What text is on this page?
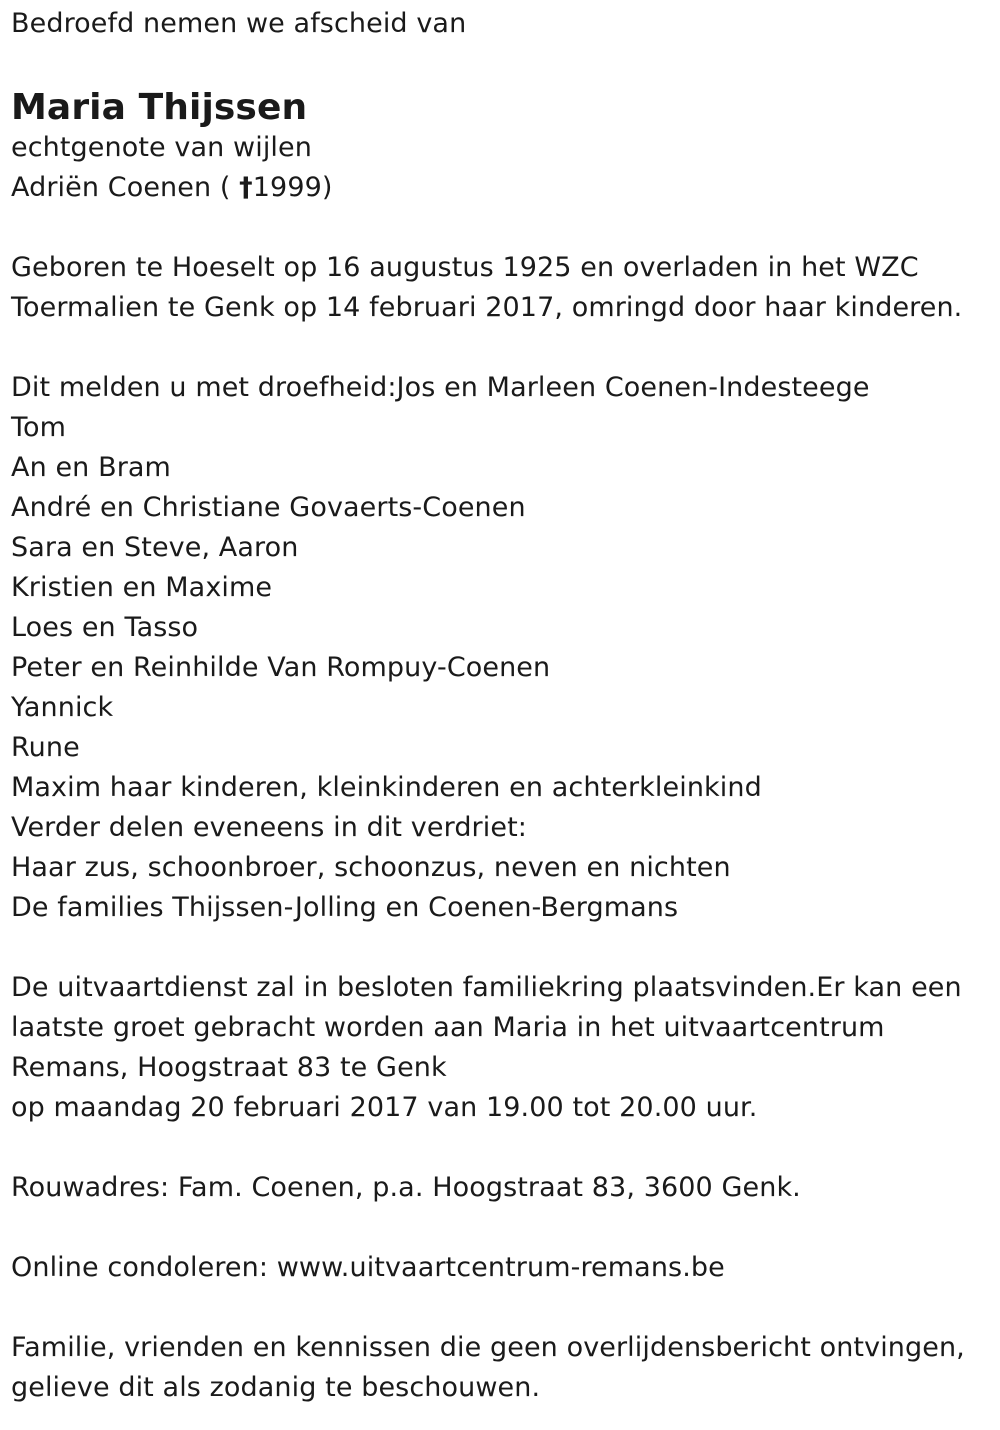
Bedroefd nemen we afscheid van
Maria Thijssen
echtgenote van wijlen
Adriën Coenen ( †1999)
Geboren te Hoeselt op 16 augustus 1925 en overladen in het WZC
Toermalien te Genk op 14 februari 2017, omringd door haar kinderen.
Dit melden u met droefheid:Jos en Marleen Coenen-Indesteege
Tom
An en Bram
André en Christiane Govaerts-Coenen
Sara en Steve, Aaron
Kristien en Maxime
Loes en Tasso
Peter en Reinhilde Van Rompuy-Coenen
Yannick
Rune
Maxim haar kinderen, kleinkinderen en achterkleinkind
Verder delen eveneens in dit verdriet:
Haar zus, schoonbroer, schoonzus, neven en nichten
De families Thijssen-Jolling en Coenen-Bergmans
De uitvaartdienst zal in besloten familiekring plaatsvinden.Er kan een
laatste groet gebracht worden aan Maria in het uitvaartcentrum
Remans, Hoogstraat 83 te Genk
op maandag 20 februari 2017 van 19.00 tot 20.00 uur.
Rouwadres: Fam. Coenen, p.a. Hoogstraat 83, 3600 Genk.
Online condoleren: www.uitvaartcentrum-remans.be
Familie, vrienden en kennissen die geen overlijdensbericht ontvingen,
gelieve dit als zodanig te beschouwen.
